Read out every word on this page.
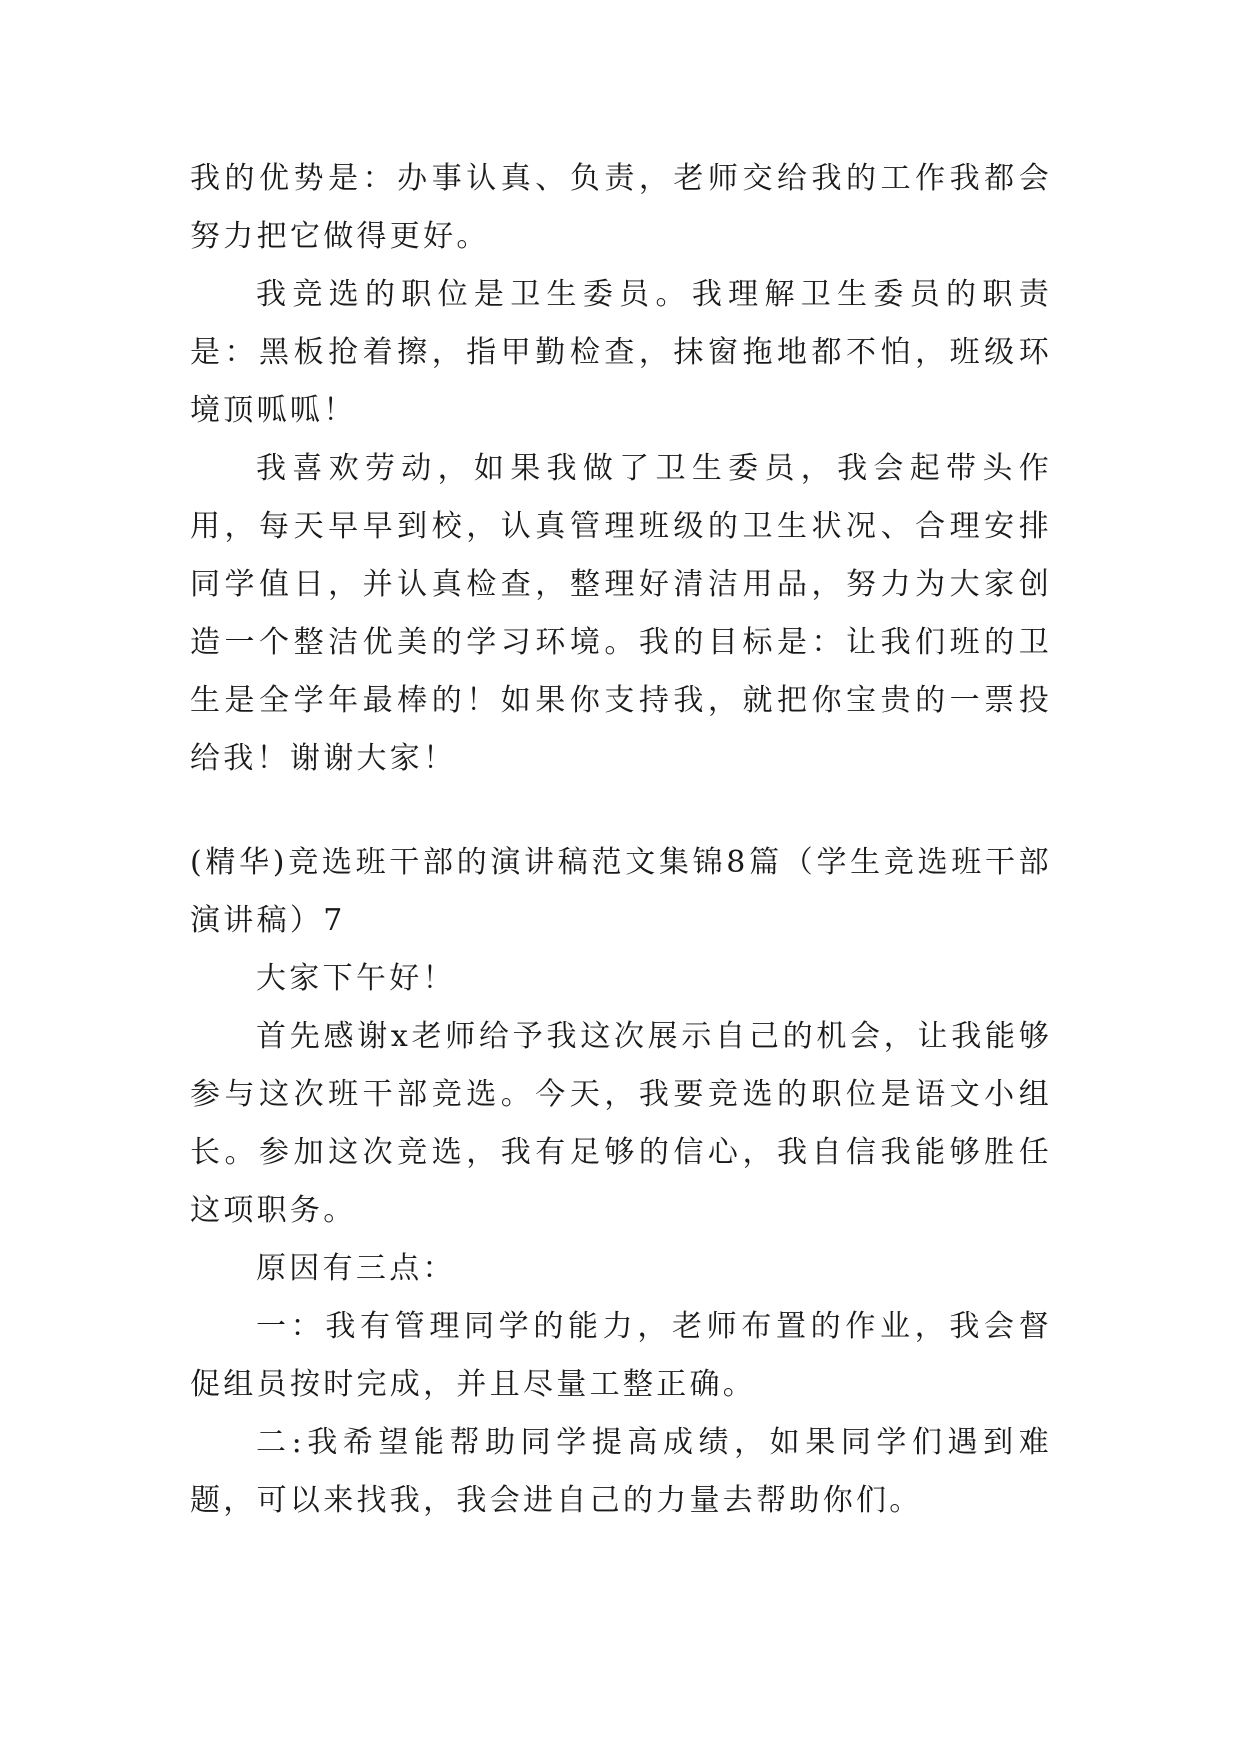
我的优势是：办事认真、负责，老师交给我的工作我都会努力把它做得更好。

我竞选的职位是卫生委员。我理解卫生委员的职责是：黑板抢着擦，指甲勤检查，抹窗拖地都不怕，班级环境顶呱呱！

我喜欢劳动，如果我做了卫生委员，我会起带头作用，每天早早到校，认真管理班级的卫生状况、合理安排同学值日，并认真检查，整理好清洁用品，努力为大家创造一个整洁优美的学习环境。我的目标是：让我们班的卫生是全学年最棒的！如果你支持我，就把你宝贵的一票投给我！谢谢大家！

(精华)竞选班干部的演讲稿范文集锦8篇（学生竞选班干部演讲稿）7

大家下午好！

首先感谢x老师给予我这次展示自己的机会，让我能够参与这次班干部竞选。今天，我要竞选的职位是语文小组长。参加这次竞选，我有足够的信心，我自信我能够胜任这项职务。

原因有三点：

一：我有管理同学的能力，老师布置的作业，我会督促组员按时完成，并且尽量工整正确。

二:我希望能帮助同学提高成绩，如果同学们遇到难题，可以来找我，我会进自己的力量去帮助你们。
